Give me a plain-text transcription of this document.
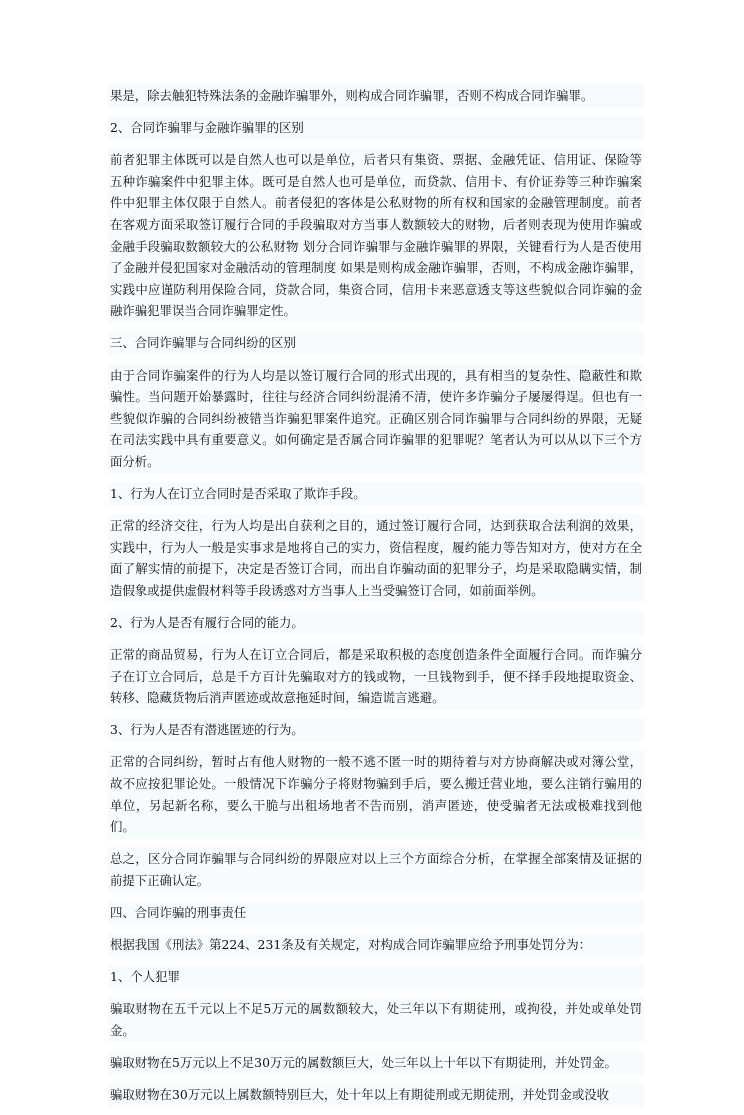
果是，除去触犯特殊法条的金融诈骗罪外，则构成合同诈骗罪，否则不构成合同诈骗罪。

2、合同诈骗罪与金融诈骗罪的区别

前者犯罪主体既可以是自然人也可以是单位，后者只有集资、票据、金融凭证、信用证、保险等五种诈骗案件中犯罪主体。既可是自然人也可是单位，而贷款、信用卡、有价证券等三种诈骗案件中犯罪主体仅限于自然人。前者侵犯的客体是公私财物的所有权和国家的金融管理制度。前者在客观方面采取签订履行合同的手段骗取对方当事人数额较大的财物，后者则表现为使用诈骗或金融手段骗取数额较大的公私财物 划分合同诈骗罪与金融诈骗罪的界限，关键看行为人是否使用了金融并侵犯国家对金融活动的管理制度 如果是则构成金融诈骗罪，否则，不构成金融诈骗罪，实践中应谨防利用保险合同，贷款合同，集资合同，信用卡来恶意透支等这些貌似合同诈骗的金融诈骗犯罪误当合同诈骗罪定性。

三、合同诈骗罪与合同纠纷的区别

由于合同诈骗案件的行为人均是以签订履行合同的形式出现的，具有相当的复杂性、隐蔽性和欺骗性。当问题开始暴露时，往往与经济合同纠纷混淆不清，使许多诈骗分子屡屡得逞。但也有一些貌似诈骗的合同纠纷被错当诈骗犯罪案件追究。正确区别合同诈骗罪与合同纠纷的界限，无疑在司法实践中具有重要意义。如何确定是否属合同诈骗罪的犯罪呢？笔者认为可以从以下三个方面分析。

1、行为人在订立合同时是否采取了欺诈手段。

正常的经济交往，行为人均是出自获利之目的，通过签订履行合同，达到获取合法利润的效果，实践中，行为人一般是实事求是地将自己的实力，资信程度，履约能力等告知对方，使对方在全面了解实情的前提下，决定是否签订合同，而出自诈骗动面的犯罪分子，均是采取隐瞒实情，制造假象或提供虚假材料等手段诱惑对方当事人上当受骗签订合同，如前面举例。

2、行为人是否有履行合同的能力。

正常的商品贸易，行为人在订立合同后，都是采取积极的态度创造条件全面履行合同。而诈骗分子在订立合同后，总是千方百计先骗取对方的钱或物，一旦钱物到手，便不择手段地提取资金、转移、隐藏货物后消声匿迹或故意拖延时间，编造谎言逃避。

3、行为人是否有潜逃匿迹的行为。

正常的合同纠纷，暂时占有他人财物的一般不逃不匿一时的期待着与对方协商解决或对簿公堂，故不应按犯罪论处。一般情况下诈骗分子将财物骗到手后，要么搬迁营业地，要么注销行骗用的单位，另起新名称，要么干脆与出租场地者不告而别，消声匿迹，使受骗者无法或极难找到他们。

总之，区分合同诈骗罪与合同纠纷的界限应对以上三个方面综合分析，在掌握全部案情及证据的前提下正确认定。

四、合同诈骗的刑事责任

根据我国《刑法》第224、231条及有关规定，对构成合同诈骗罪应给予刑事处罚分为：

1、个人犯罪

骗取财物在五千元以上不足5万元的属数额较大，处三年以下有期徒刑，或拘役，并处或单处罚金。

骗取财物在5万元以上不足30万元的属数额巨大，处三年以上十年以下有期徒刑，并处罚金。

骗取财物在30万元以上属数额特别巨大，处十年以上有期徒刑或无期徒刑，并处罚金或没收
